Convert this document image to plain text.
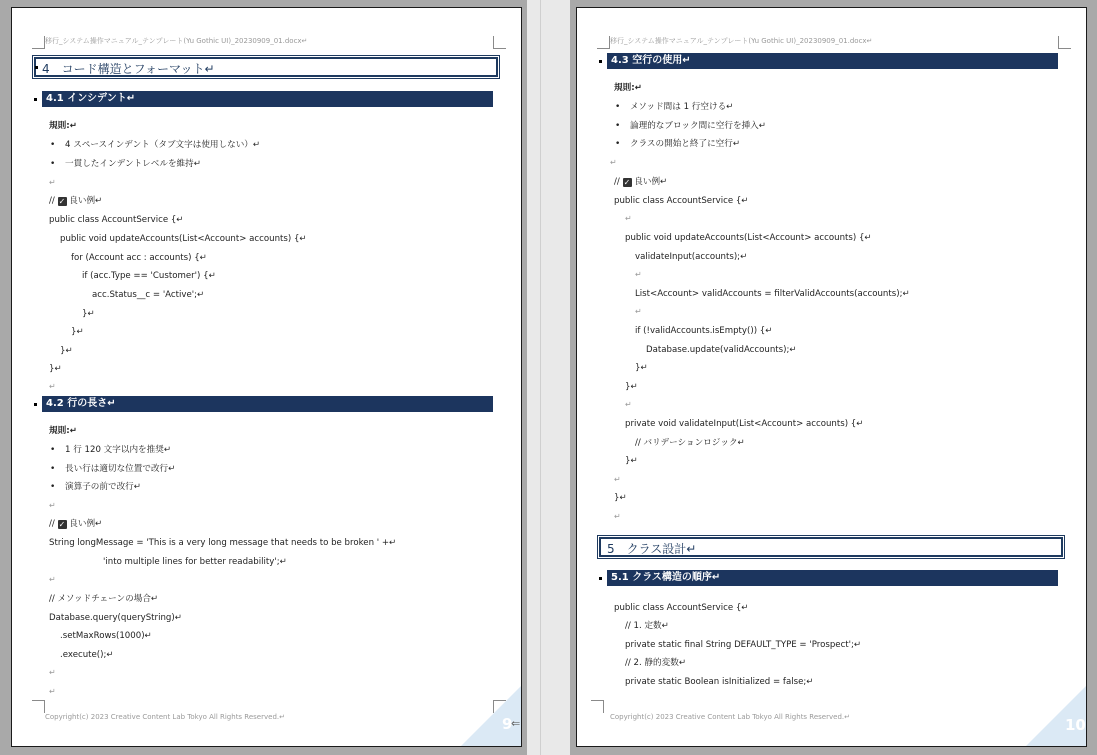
移行_システム操作マニュアル_テンプレート(Yu Gothic UI)_20230909_01.docx↵
4　コード構造とフォーマット↵
4.1 インシデント↵
規則:↵
• 4 スペースインデント（タブ文字は使用しない）↵
• 一貫したインデントレベルを維持↵
↵
// ✓ 良い例↵
public class AccountService {↵
public void updateAccounts(List<Account> accounts) {↵
for (Account acc : accounts) {↵
if (acc.Type == 'Customer') {↵
acc.Status__c = 'Active';↵
}↵
}↵
}↵
}↵
↵
4.2 行の長さ↵
規則:↵
• 1 行 120 文字以内を推奨↵
• 長い行は適切な位置で改行↵
• 演算子の前で改行↵
↵
// ✓ 良い例↵
String longMessage = 'This is a very long message that needs to be broken ' +↵
'into multiple lines for better readability';↵
↵
// メソッドチェーンの場合↵
Database.query(queryString)↵
.setMaxRows(1000)↵
.execute();↵
↵
↵
Copyright(c) 2023 Creative Content Lab Tokyo All Rights Reserved.↵	9
⇐
移行_システム操作マニュアル_テンプレート(Yu Gothic UI)_20230909_01.docx↵
4.3 空行の使用↵
規則:↵
• メソッド間は 1 行空ける↵
• 論理的なブロック間に空行を挿入↵
• クラスの開始と終了に空行↵
↵
// ✓ 良い例↵
public class AccountService {↵
↵
public void updateAccounts(List<Account> accounts) {↵
validateInput(accounts);↵
↵
List<Account> validAccounts = filterValidAccounts(accounts);↵
↵
if (!validAccounts.isEmpty()) {↵
Database.update(validAccounts);↵
}↵
}↵
↵
private void validateInput(List<Account> accounts) {↵
// バリデーションロジック↵
}↵
↵
}↵
↵
5　クラス設計↵
5.1 クラス構造の順序↵
public class AccountService {↵
// 1. 定数↵
private static final String DEFAULT_TYPE = 'Prospect';↵
// 2. 静的変数↵
private static Boolean isInitialized = false;↵
Copyright(c) 2023 Creative Content Lab Tokyo All Rights Reserved.↵	10
